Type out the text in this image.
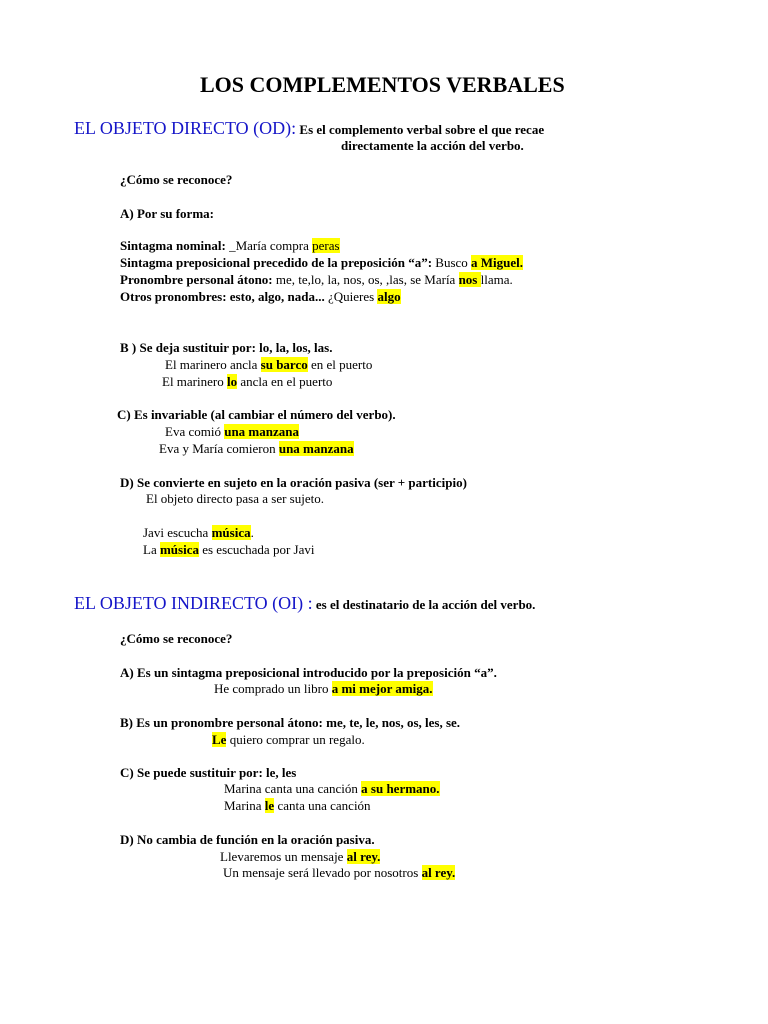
LOS COMPLEMENTOS VERBALES
EL OBJETO DIRECTO (OD): Es el complemento verbal sobre el que recae
directamente la acción del verbo.
¿Cómo se reconoce?
A) Por su forma:
Sintagma nominal: _María compra peras
Sintagma preposicional precedido de la preposición “a”: Busco a Miguel.
Pronombre personal átono: me, te,lo, la, nos, os, ,las, se María nos llama.
Otros pronombres: esto, algo, nada... ¿Quieres algo
B ) Se deja sustituir por: lo, la, los, las.
El marinero ancla su barco en el puerto
El marinero lo ancla en el puerto
C) Es invariable (al cambiar el número del verbo).
Eva comió una manzana
Eva y María comieron una manzana
D) Se convierte en sujeto en la oración pasiva (ser + participio)
El objeto directo pasa a ser sujeto.
Javi escucha música.
La música es escuchada por Javi
EL OBJETO INDIRECTO (OI) : es el destinatario de la acción del verbo.
¿Cómo se reconoce?
A) Es un sintagma preposicional introducido por la preposición “a”.
He comprado un libro a mi mejor amiga.
B) Es un pronombre personal átono: me, te, le, nos, os, les, se.
Le quiero comprar un regalo.
C) Se puede sustituir por: le, les
Marina canta una canción a su hermano.
Marina le canta una canción
D) No cambia de función en la oración pasiva.
Llevaremos un mensaje al rey.
Un mensaje será llevado por nosotros al rey.
